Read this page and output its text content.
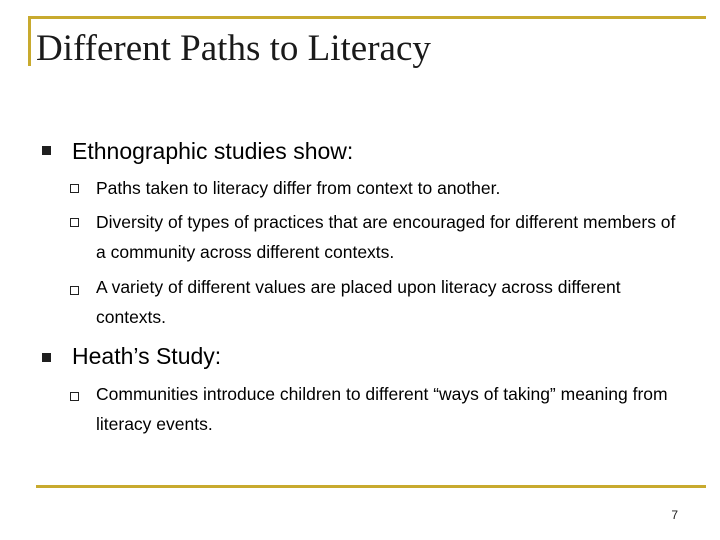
Different Paths to Literacy
Ethnographic studies show:
Paths taken to literacy differ from context to another.
Diversity of types of practices that are encouraged for different members of a community across different contexts.
A variety of different values are placed upon literacy across different contexts.
Heath’s Study:
Communities introduce children to different “ways of taking” meaning from literacy events.
7
